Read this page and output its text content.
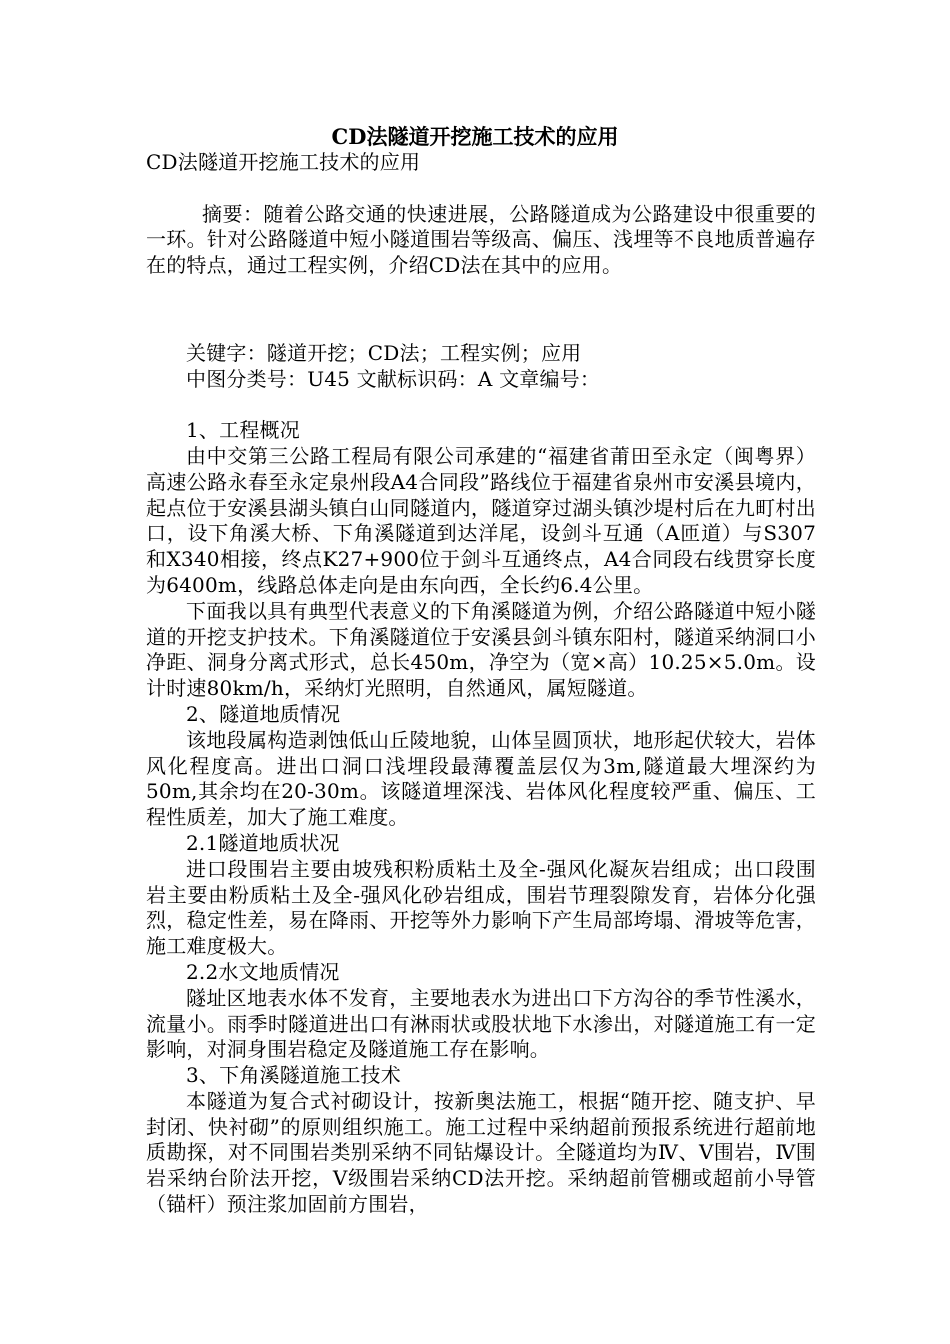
CD法隧道开挖施工技术的应用

CD法隧道开挖施工技术的应用

摘要：随着公路交通的快速进展，公路隧道成为公路建设中很重要的一环。针对公路隧道中短小隧道围岩等级高、偏压、浅埋等不良地质普遍存在的特点，通过工程实例，介绍CD法在其中的应用。

关键字：隧道开挖；CD法；工程实例；应用

中图分类号：U45 文献标识码：A 文章编号：

1、工程概况

由中交第三公路工程局有限公司承建的“福建省莆田至永定（闽粤界）高速公路永春至永定泉州段A4合同段”路线位于福建省泉州市安溪县境内，起点位于安溪县湖头镇白山同隧道内，隧道穿过湖头镇沙堤村后在九町村出口，设下角溪大桥、下角溪隧道到达洋尾，设剑斗互通（A匝道）与S307和X340相接，终点K27+900位于剑斗互通终点，A4合同段右线贯穿长度为6400m，线路总体走向是由东向西，全长约6.4公里。

下面我以具有典型代表意义的下角溪隧道为例，介绍公路隧道中短小隧道的开挖支护技术。下角溪隧道位于安溪县剑斗镇东阳村，隧道采纳洞口小净距、洞身分离式形式，总长450m，净空为（宽×高）10.25×5.0m。设计时速80km/h，采纳灯光照明，自然通风，属短隧道。

2、隧道地质情况

该地段属构造剥蚀低山丘陵地貌，山体呈圆顶状，地形起伏较大，岩体风化程度高。进出口洞口浅埋段最薄覆盖层仅为3m,隧道最大埋深约为50m,其余均在20-30m。该隧道埋深浅、岩体风化程度较严重、偏压、工程性质差，加大了施工难度。

2.1隧道地质状况

进口段围岩主要由坡残积粉质粘土及全-强风化凝灰岩组成；出口段围岩主要由粉质粘土及全-强风化砂岩组成，围岩节理裂隙发育，岩体分化强烈，稳定性差，易在降雨、开挖等外力影响下产生局部垮塌、滑坡等危害，施工难度极大。

2.2水文地质情况

隧址区地表水体不发育，主要地表水为进出口下方沟谷的季节性溪水，流量小。雨季时隧道进出口有淋雨状或股状地下水渗出，对隧道施工有一定影响，对洞身围岩稳定及隧道施工存在影响。

3、下角溪隧道施工技术

本隧道为复合式衬砌设计，按新奥法施工，根据“随开挖、随支护、早封闭、快衬砌”的原则组织施工。施工过程中采纳超前预报系统进行超前地质勘探，对不同围岩类别采纳不同钻爆设计。全隧道均为Ⅳ、Ⅴ围岩，Ⅳ围岩采纳台阶法开挖，Ⅴ级围岩采纳CD法开挖。采纳超前管棚或超前小导管（锚杆）预注浆加固前方围岩，
